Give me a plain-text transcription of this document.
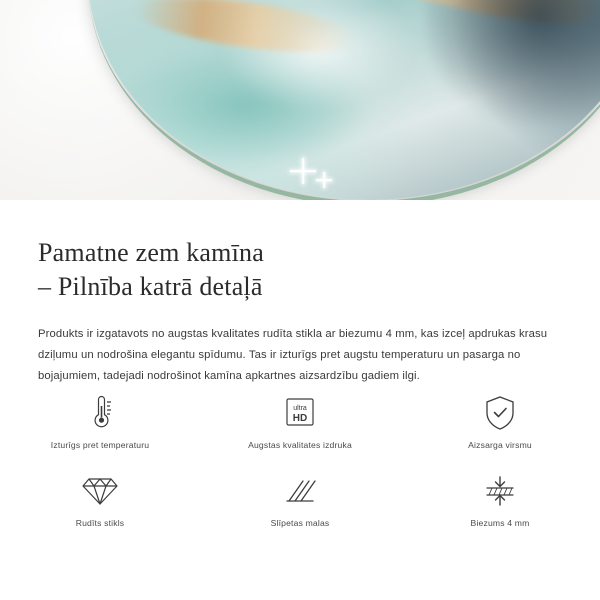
Pamatne zem kamīna
– Pilnība katrā detaļā

Produkts ir izgatavots no augstas kvalitates rudīta stikla ar biezumu 4 mm, kas izceļ apdrukas krasu dziļumu un nodrošina elegantu spīdumu. Tas ir izturīgs pret augstu temperaturu un pasarga no bojajumiem, tadejadi nodrošinot kamīna apkartnes aizsardzību gadiem ilgi.

Izturīgs pret temperaturu
ultra
HD
Augstas kvalitates izdruka	Aizsarga virsmu
Rudīts stikls	Slīpetas malas	Biezums 4 mm
